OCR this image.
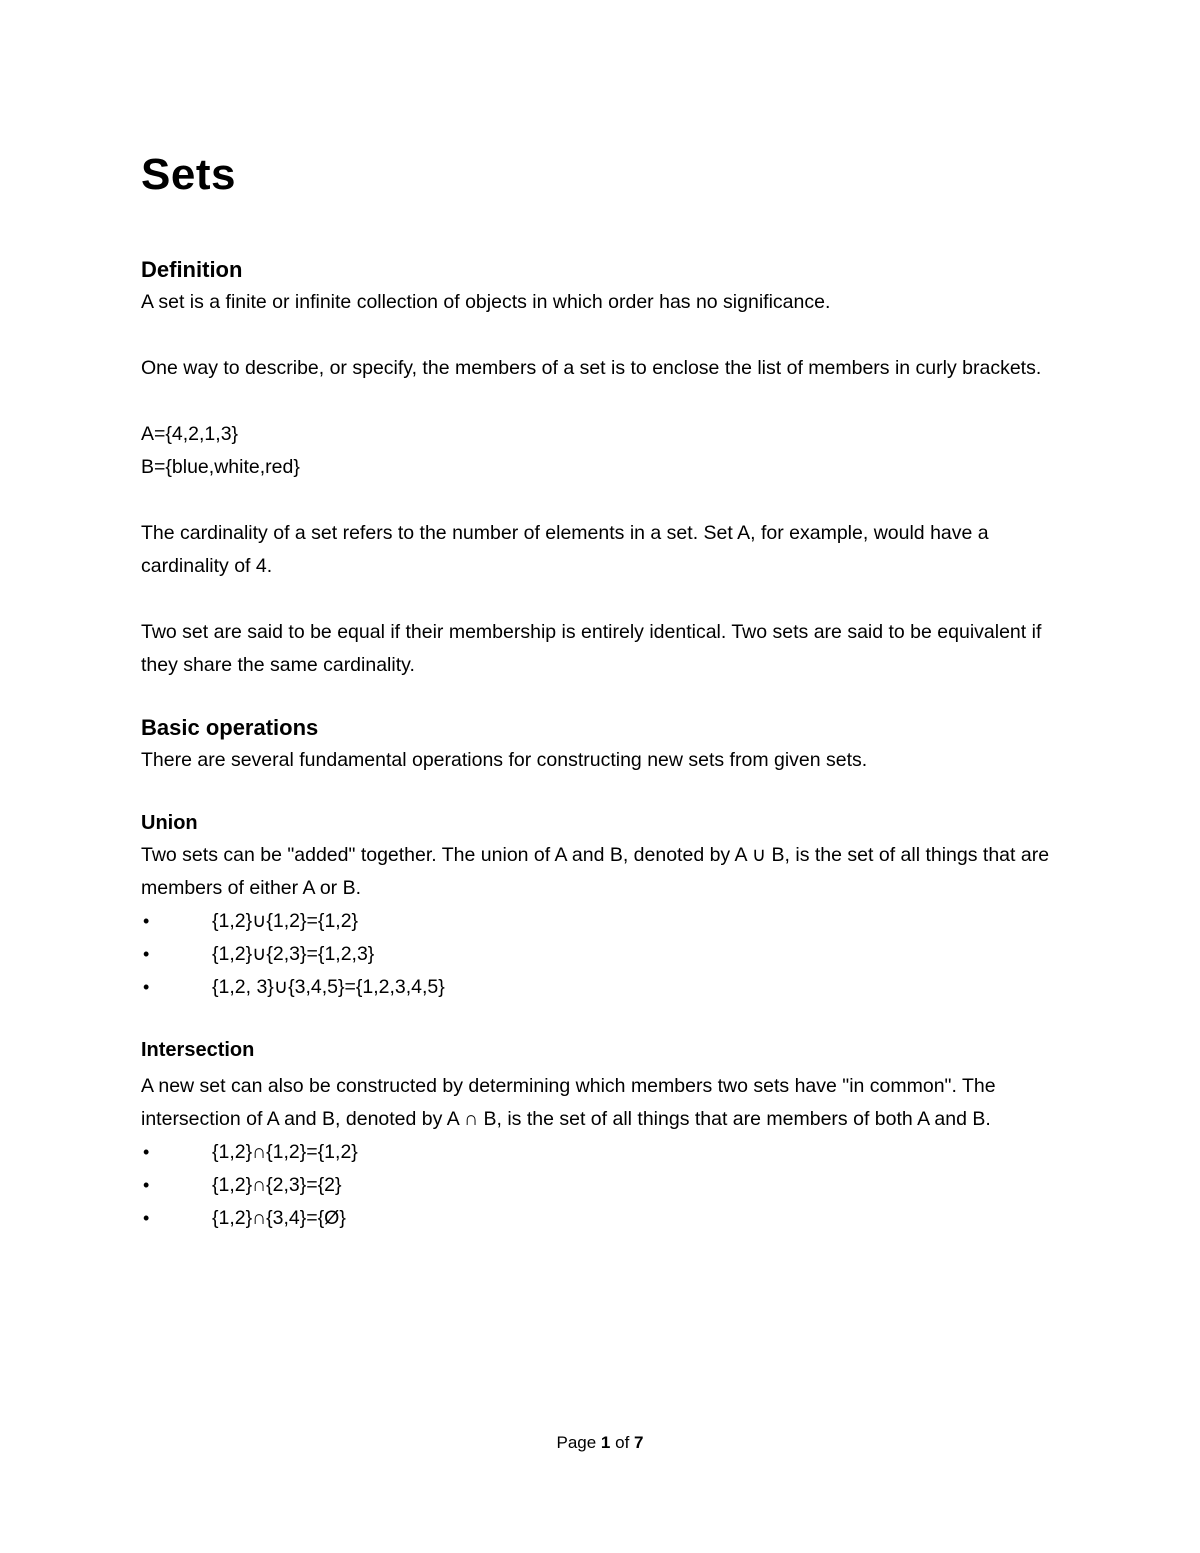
Sets
Definition

A set is a finite or infinite collection of objects in which order has no significance.

One way to describe, or specify, the members of a set is to enclose the list of members in curly brackets.

A={4,2,1,3}

B={blue,white,red}

The cardinality of a set refers to the number of elements in a set. Set A, for example, would have a cardinality of 4.

Two set are said to be equal if their membership is entirely identical. Two sets are said to be equivalent if they share the same cardinality.

Basic operations

There are several fundamental operations for constructing new sets from given sets.

Union

Two sets can be "added" together. The union of A and B, denoted by A ∪ B, is the set of all things that are members of either A or B.

•	{1,2}∪{1,2}={1,2}
•	{1,2}∪{2,3}={1,2,3}
•	{1,2, 3}∪{3,4,5}={1,2,3,4,5}
Intersection

A new set can also be constructed by determining which members two sets have "in common". The intersection of A and B, denoted by A ∩ B, is the set of all things that are members of both A and B.

•	{1,2}∩{1,2}={1,2}
•	{1,2}∩{2,3}={2}
•	{1,2}∩{3,4}={Ø}
Page 1 of 7
